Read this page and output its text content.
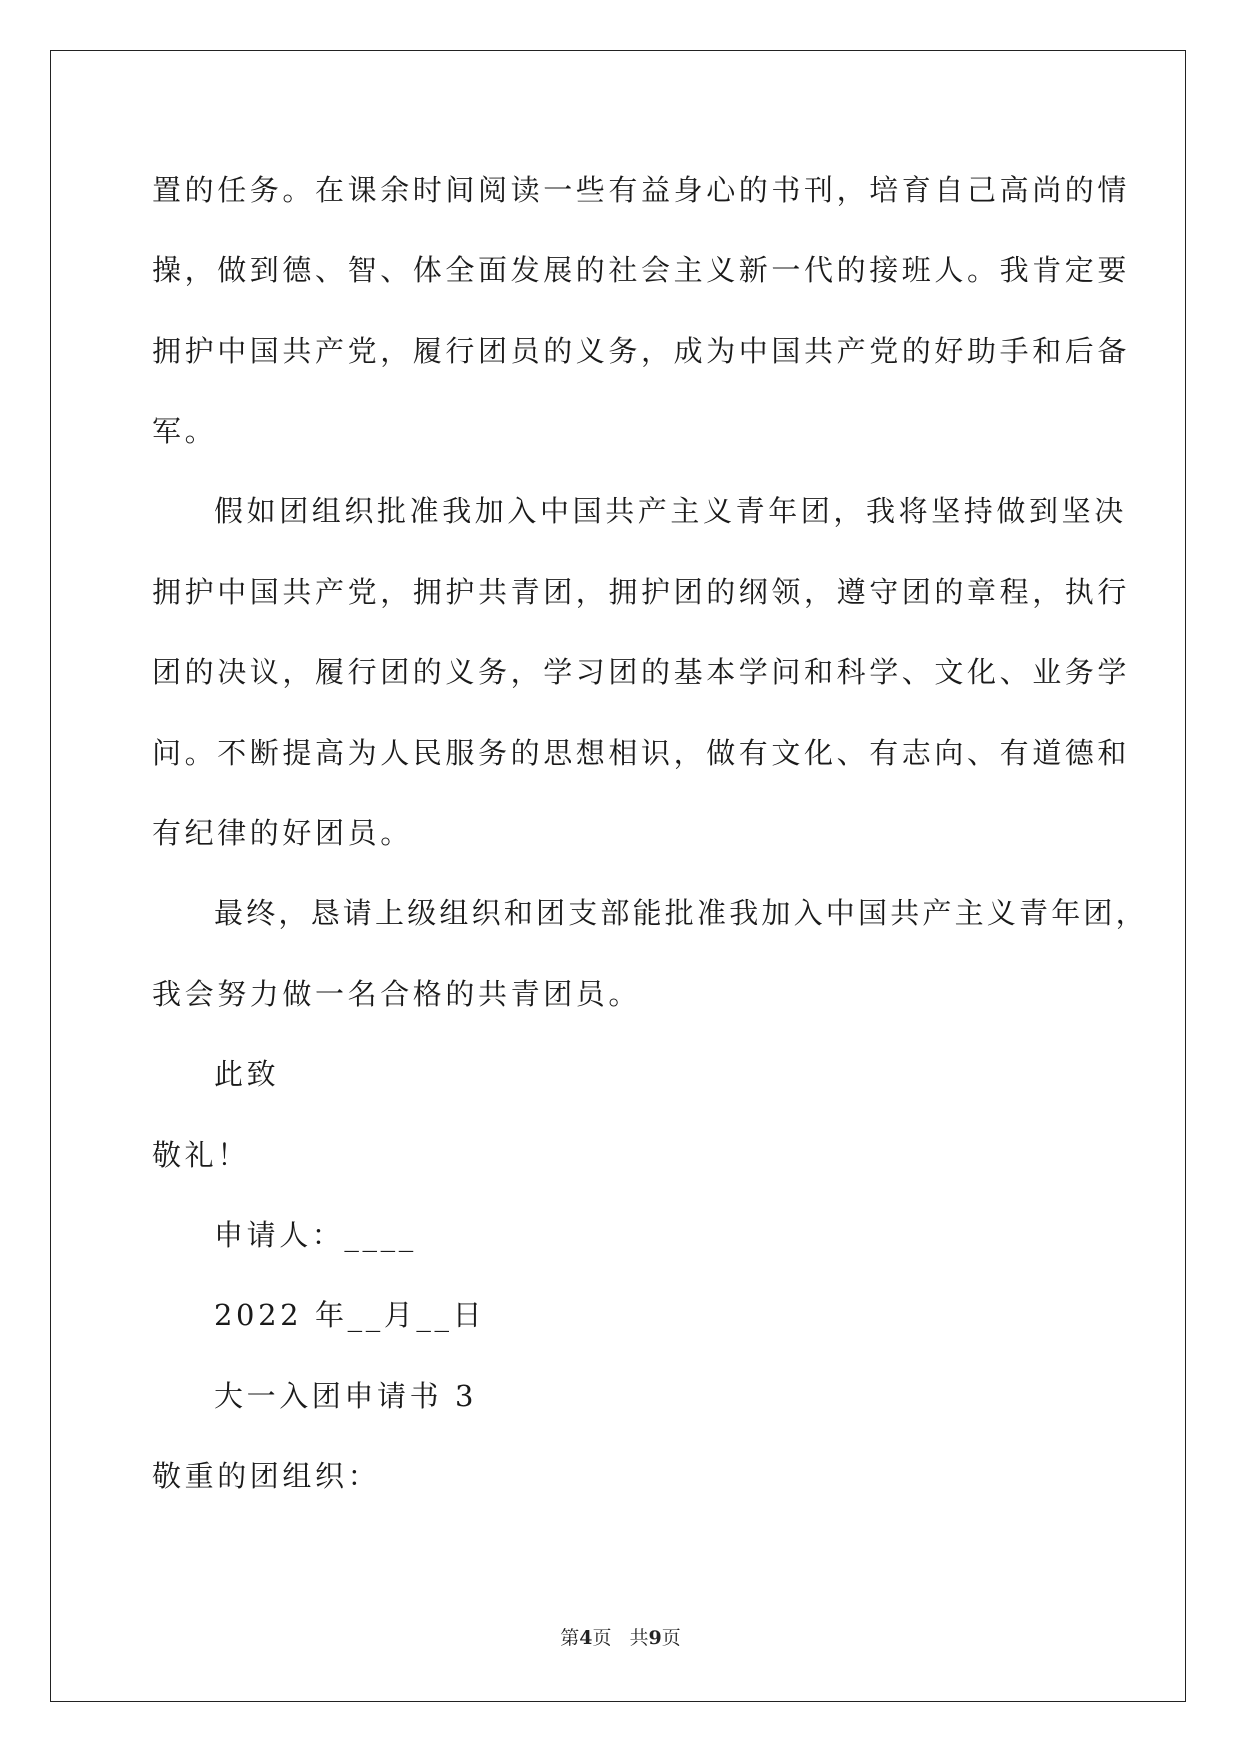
置的任务。在课余时间阅读一些有益身心的书刊，培育自己高尚的情
操，做到德、智、体全面发展的社会主义新一代的接班人。我肯定要
拥护中国共产党，履行团员的义务，成为中国共产党的好助手和后备
军。
假如团组织批准我加入中国共产主义青年团，我将坚持做到坚决
拥护中国共产党，拥护共青团，拥护团的纲领，遵守团的章程，执行
团的决议，履行团的义务，学习团的基本学问和科学、文化、业务学
问。不断提高为人民服务的思想相识，做有文化、有志向、有道德和
有纪律的好团员。
最终，恳请上级组织和团支部能批准我加入中国共产主义青年团，
我会努力做一名合格的共青团员。
此致
敬礼！
申请人：____
2022 年__月__日
大一入团申请书 3
敬重的团组织：
第4页 共9页
